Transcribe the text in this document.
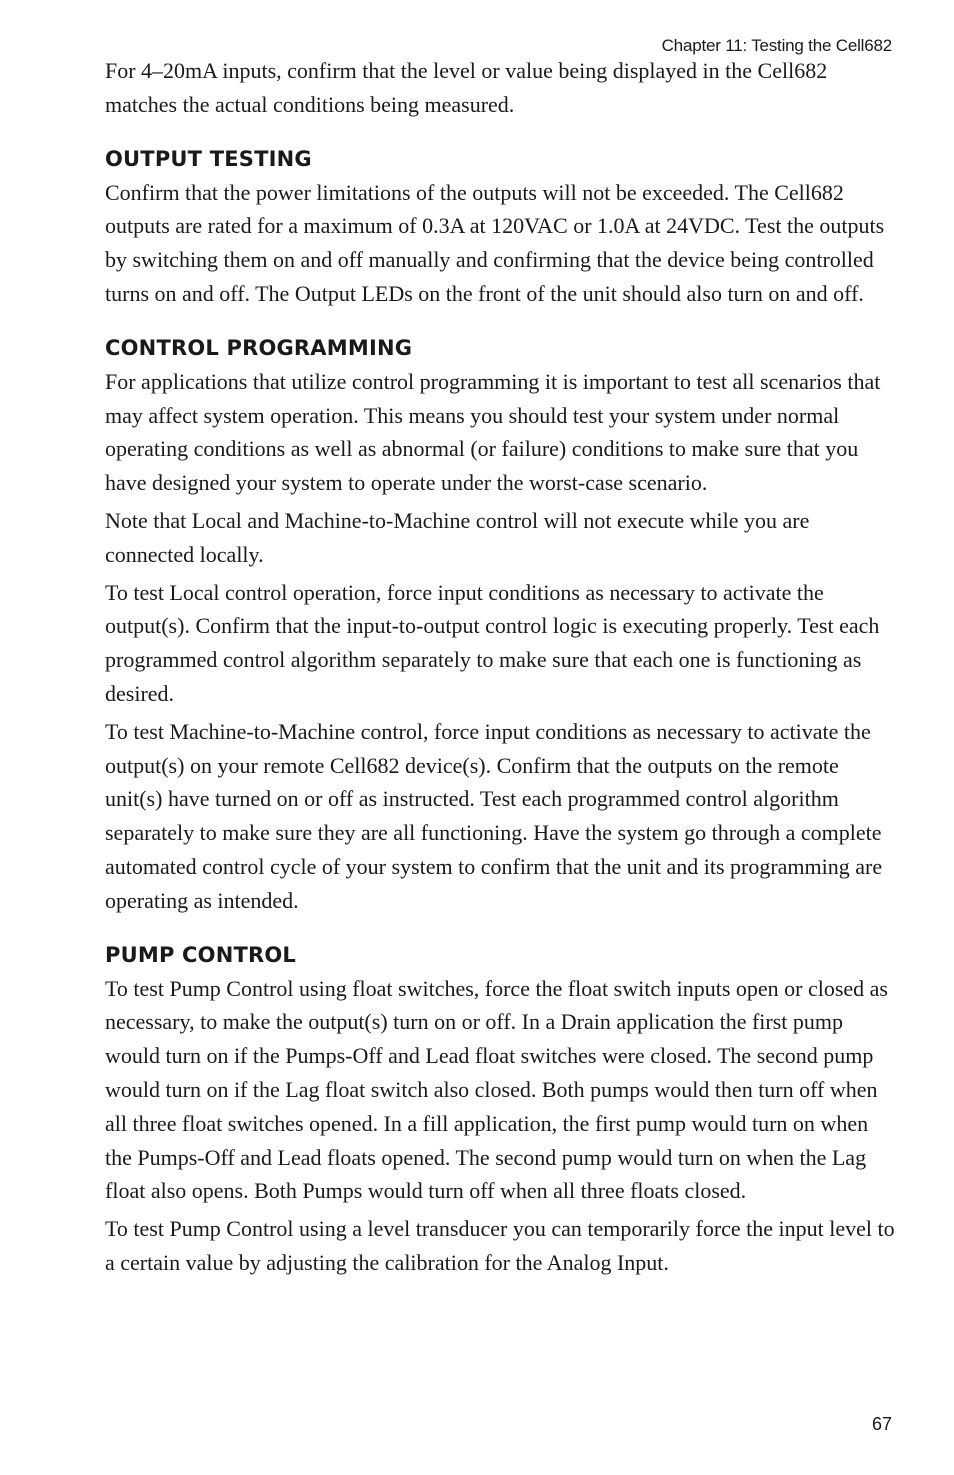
Chapter 11: Testing the Cell682

For 4–20mA inputs, confirm that the level or value being displayed in the Cell682 matches the actual conditions being measured.

OUTPUT TESTING

Confirm that the power limitations of the outputs will not be exceeded. The Cell682 outputs are rated for a maximum of 0.3A at 120VAC or 1.0A at 24VDC. Test the outputs by switching them on and off manually and confirming that the device being controlled turns on and off. The Output LEDs on the front of the unit should also turn on and off.

CONTROL PROGRAMMING

For applications that utilize control programming it is important to test all scenarios that may affect system operation. This means you should test your system under normal operating conditions as well as abnormal (or failure) conditions to make sure that you have designed your system to operate under the worst-case scenario.

Note that Local and Machine-to-Machine control will not execute while you are connected locally.

To test Local control operation, force input conditions as necessary to activate the output(s). Confirm that the input-to-output control logic is executing properly. Test each programmed control algorithm separately to make sure that each one is functioning as desired.

To test Machine-to-Machine control, force input conditions as necessary to activate the output(s) on your remote Cell682 device(s). Confirm that the outputs on the remote unit(s) have turned on or off as instructed. Test each programmed control algorithm separately to make sure they are all functioning. Have the system go through a complete automated control cycle of your system to confirm that the unit and its programming are operating as intended.

PUMP CONTROL

To test Pump Control using float switches, force the float switch inputs open or closed as necessary, to make the output(s) turn on or off. In a Drain application the first pump would turn on if the Pumps-Off and Lead float switches were closed. The second pump would turn on if the Lag float switch also closed. Both pumps would then turn off when all three float switches opened. In a fill application, the first pump would turn on when the Pumps-Off and Lead floats opened. The second pump would turn on when the Lag float also opens. Both Pumps would turn off when all three floats closed.

To test Pump Control using a level transducer you can temporarily force the input level to a certain value by adjusting the calibration for the Analog Input.

67
